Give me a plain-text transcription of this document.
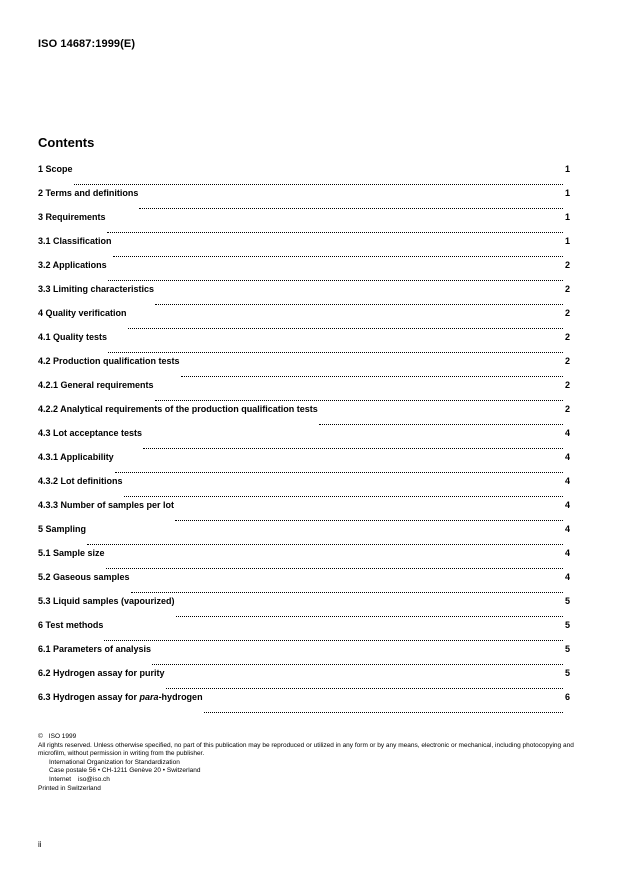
ISO 14687:1999(E)
Contents
1 Scope	1
2 Terms and definitions	1
3 Requirements	1
3.1 Classification	1
3.2 Applications	2
3.3 Limiting characteristics	2
4 Quality verification	2
4.1 Quality tests	2
4.2 Production qualification tests	2
4.2.1 General requirements	2
4.2.2 Analytical requirements of the production qualification tests	2
4.3 Lot acceptance tests	4
4.3.1 Applicability	4
4.3.2 Lot definitions	4
4.3.3 Number of samples per lot	4
5 Sampling	4
5.1 Sample size	4
5.2 Gaseous samples	4
5.3 Liquid samples (vapourized)	5
6 Test methods	5
6.1 Parameters of analysis	5
6.2 Hydrogen assay for purity	5
6.3 Hydrogen assay for para-hydrogen	6
© ISO 1999
All rights reserved. Unless otherwise specified, no part of this publication may be reproduced or utilized in any form or by any means, electronic or mechanical, including photocopying and microfilm, without permission in writing from the publisher.
International Organization for Standardization
Case postale 56 • CH-1211 Genève 20 • Switzerland
Internet iso@iso.ch
Printed in Switzerland
ii
